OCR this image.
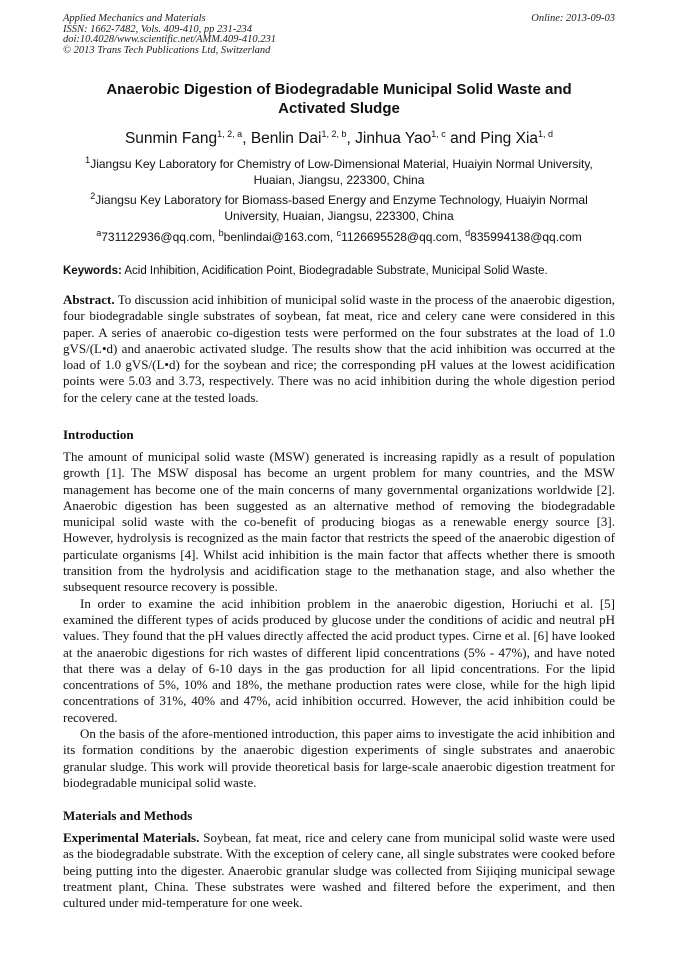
Applied Mechanics and Materials
ISSN: 1662-7482, Vols. 409-410, pp 231-234
doi:10.4028/www.scientific.net/AMM.409-410.231
© 2013 Trans Tech Publications Ltd, Switzerland
Online: 2013-09-03
Anaerobic Digestion of Biodegradable Municipal Solid Waste and
Activated Sludge
Sunmin Fang$^{1, 2, a}$, Benlin Dai$^{1, 2, b}$, Jinhua Yao$^{1, c}$ and Ping Xia$^{1, d}$
$^1$Jiangsu Key Laboratory for Chemistry of Low-Dimensional Material, Huaiyin Normal University,
Huaian, Jiangsu, 223300, China
$^2$Jiangsu Key Laboratory for Biomass-based Energy and Enzyme Technology, Huaiyin Normal
University, Huaian, Jiangsu, 223300, China
$^a$731122936@qq.com, $^b$benlindai@163.com, $^c$1126695528@qq.com, $^d$835994138@qq.com
Keywords: Acid Inhibition, Acidification Point, Biodegradable Substrate, Municipal Solid Waste.
Abstract. To discussion acid inhibition of municipal solid waste in the process of the anaerobic digestion, four biodegradable single substrates of soybean, fat meat, rice and celery cane were considered in this paper. A series of anaerobic co-digestion tests were performed on the four substrates at the load of 1.0 gVS/(L•d) and anaerobic activated sludge. The results show that the acid inhibition was occurred at the load of 1.0 gVS/(L•d) for the soybean and rice; the corresponding pH values at the lowest acidification points were 5.03 and 3.73, respectively. There was no acid inhibition during the whole digestion period for the celery cane at the tested loads.
Introduction

The amount of municipal solid waste (MSW) generated is increasing rapidly as a result of population growth [1]. The MSW disposal has become an urgent problem for many countries, and the MSW management has become one of the main concerns of many governmental organizations worldwide [2]. Anaerobic digestion has been suggested as an alternative method of removing the biodegradable municipal solid waste with the co-benefit of producing biogas as a renewable energy source [3]. However, hydrolysis is recognized as the main factor that restricts the speed of the anaerobic digestion of particulate organisms [4]. Whilst acid inhibition is the main factor that affects whether there is smooth transition from the hydrolysis and acidification stage to the methanation stage, and also whether the subsequent resource recovery is possible.

In order to examine the acid inhibition problem in the anaerobic digestion, Horiuchi et al. [5] examined the different types of acids produced by glucose under the conditions of acidic and neutral pH values. They found that the pH values directly affected the acid product types. Cirne et al. [6] have looked at the anaerobic digestions for rich wastes of different lipid concentrations (5% - 47%), and have noted that there was a delay of 6-10 days in the gas production for all lipid concentrations. For the lipid concentrations of 5%, 10% and 18%, the methane production rates were close, while for the high lipid concentrations of 31%, 40% and 47%, acid inhibition occurred. However, the acid inhibition could be recovered.

On the basis of the afore-mentioned introduction, this paper aims to investigate the acid inhibition and its formation conditions by the anaerobic digestion experiments of single substrates and anaerobic granular sludge. This work will provide theoretical basis for large-scale anaerobic digestion treatment for biodegradable municipal solid waste.

Materials and Methods

Experimental Materials. Soybean, fat meat, rice and celery cane from municipal solid waste were used as the biodegradable substrate. With the exception of celery cane, all single substrates were cooked before being putting into the digester. Anaerobic granular sludge was collected from Sijiqing municipal sewage treatment plant, China. These substrates were washed and filtered before the experiment, and then cultured under mid-temperature for one week.
